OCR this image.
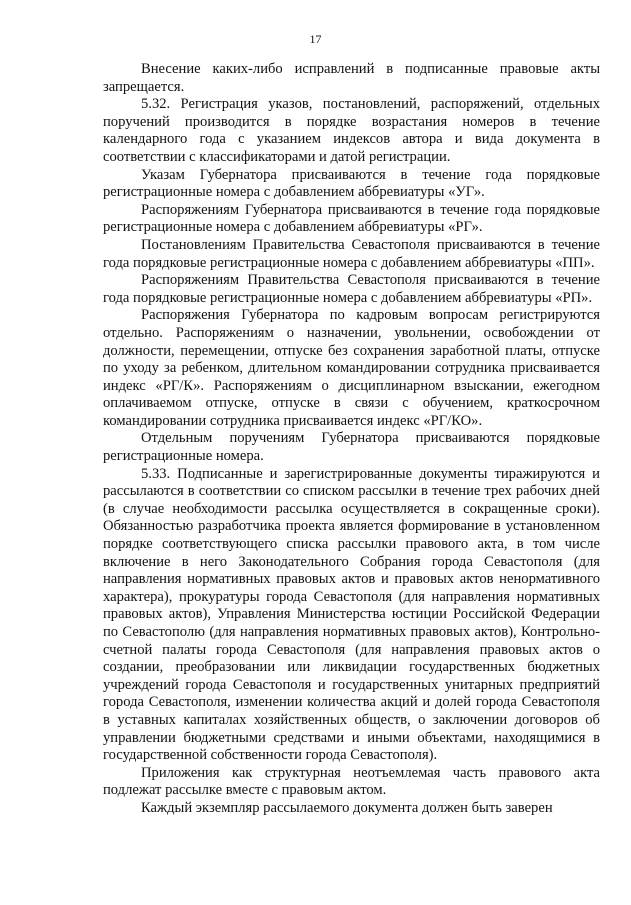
17

Внесение каких-либо исправлений в подписанные правовые акты запрещается.

5.32. Регистрация указов, постановлений, распоряжений, отдельных поручений производится в порядке возрастания номеров в течение календарного года с указанием индексов автора и вида документа в соответствии с классификаторами и датой регистрации.

Указам Губернатора присваиваются в течение года порядковые регистрационные номера с добавлением аббревиатуры «УГ».

Распоряжениям Губернатора присваиваются в течение года порядковые регистрационные номера с добавлением аббревиатуры «РГ».

Постановлениям Правительства Севастополя присваиваются в течение года порядковые регистрационные номера с добавлением аббревиатуры «ПП».

Распоряжениям Правительства Севастополя присваиваются в течение года порядковые регистрационные номера с добавлением аббревиатуры «РП».

Распоряжения Губернатора по кадровым вопросам регистрируются отдельно. Распоряжениям о назначении, увольнении, освобождении от должности, перемещении, отпуске без сохранения заработной платы, отпуске по уходу за ребенком, длительном командировании сотрудника присваивается индекс «РГ/К». Распоряжениям о дисциплинарном взыскании, ежегодном оплачиваемом отпуске, отпуске в связи с обучением, краткосрочном командировании сотрудника присваивается индекс «РГ/КО».

Отдельным поручениям Губернатора присваиваются порядковые регистрационные номера.

5.33. Подписанные и зарегистрированные документы тиражируются и рассылаются в соответствии со списком рассылки в течение трех рабочих дней (в случае необходимости рассылка осуществляется в сокращенные сроки). Обязанностью разработчика проекта является формирование в установленном порядке соответствующего списка рассылки правового акта, в том числе включение в него Законодательного Собрания города Севастополя (для направления нормативных правовых актов и правовых актов ненормативного характера), прокуратуры города Севастополя (для направления нормативных правовых актов), Управления Министерства юстиции Российской Федерации по Севастополю (для направления нормативных правовых актов), Контрольно-счетной палаты города Севастополя (для направления правовых актов о создании, преобразовании или ликвидации государственных бюджетных учреждений города Севастополя и государственных унитарных предприятий города Севастополя, изменении количества акций и долей города Севастополя в уставных капиталах хозяйственных обществ, о заключении договоров об управлении бюджетными средствами и иными объектами, находящимися в государственной собственности города Севастополя).

Приложения как структурная неотъемлемая часть правового акта подлежат рассылке вместе с правовым актом.

Каждый экземпляр рассылаемого документа должен быть заверен
